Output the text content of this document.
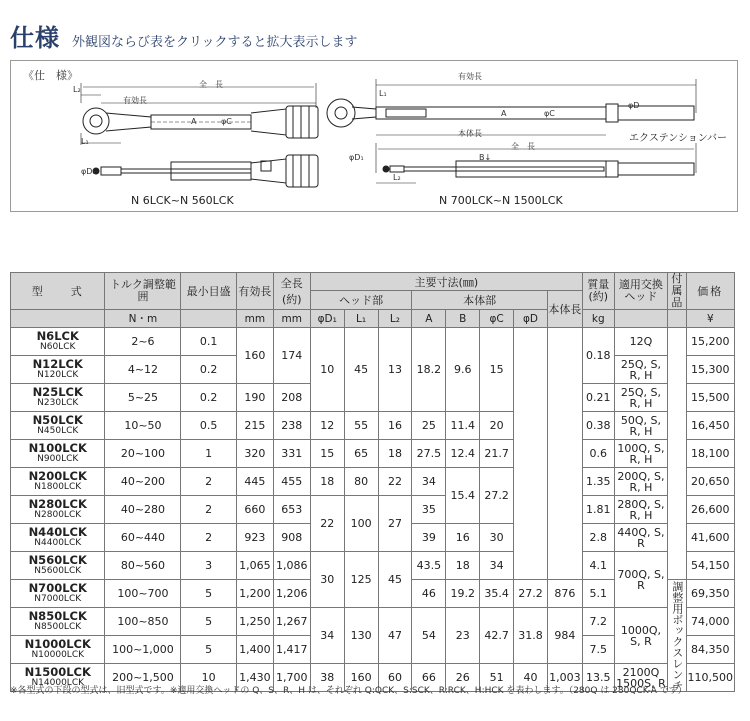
仕様 外観図ならび表をクリックすると拡大表示します
《仕　様》
全　長
有効長
L₂
L₁
A	φC
φD₁
N 6LCK~N 560LCK
有効長
本体長
全　長
φC
φD
L₁
L₂
B↓
φD₁
A
エクステンションバー
N 700LCK~N 1500LCK
型　　式	トルク調整範囲	最小目盛	有効長	全長(約)	主要寸法(㎜)								質量(約)	適用交換ヘッド	付属品	価格
					ヘッド部			本体部				本体長				
	N・m		mm	mm	φD₁	L₁	L₂	A	B	φC	φD		kg			¥

N6LCK
N60LCK	2~6	0.1	160	174	10	45	13	18.2	9.6	15			0.18	12Q		15,200

N12LCK
N120LCK	4~12	0.2												25Q, S, R, H		15,300

N25LCK
N230LCK	5~25	0.2	190	208									0.21	25Q, S, R, H		15,500

N50LCK
N450LCK	10~50	0.5	215	238	12	55	16	25	11.4	20			0.38	50Q, S, R, H		16,450

N100LCK
N900LCK	20~100	1	320	331	15	65	18	27.5	12.4	21.7			0.6	100Q, S, R, H		18,100

N200LCK
N1800LCK	40~200	2	445	455	18	80	22	34	15.4	27.2			1.35	200Q, S, R, H		20,650

N280LCK
N2800LCK	40~280	2	660	653	22	100	27	35					1.81	280Q, S, R, H		26,600

N440LCK
N4400LCK	60~440	2	923	908				39	16	30			2.8	440Q, S, R		41,600

N560LCK
N5600LCK	80~560	3	1,065	1,086	30	125	45	43.5	18	34			4.1	700Q, S, R		54,150

N700LCK
N7000LCK	100~700	5	1,200	1,206				46	19.2	35.4	27.2	876	5.1		調整用ボックスレンチ	69,350

N850LCK
N8500LCK	100~850	5	1,250	1,267	34	130	47	54	23	42.7	31.8	984	7.2	1000Q, S, R		74,000

N1000LCK
N10000LCK	100~1,000	5	1,400	1,417									7.5			84,350

N1500LCK
N14000LCK	200~1,500	10	1,430	1,700	38	160	60	66	26	51	40	1,003	13.5	2100Q
1500S, R		110,500
※各型式の下段の型式は、旧型式です。※適用交換ヘッドの Q、S、R、H は、それぞれ Q:QCK、S:SCK、R:RCK、H:HCK を表わします。（280Q は 280QCK-A です）
